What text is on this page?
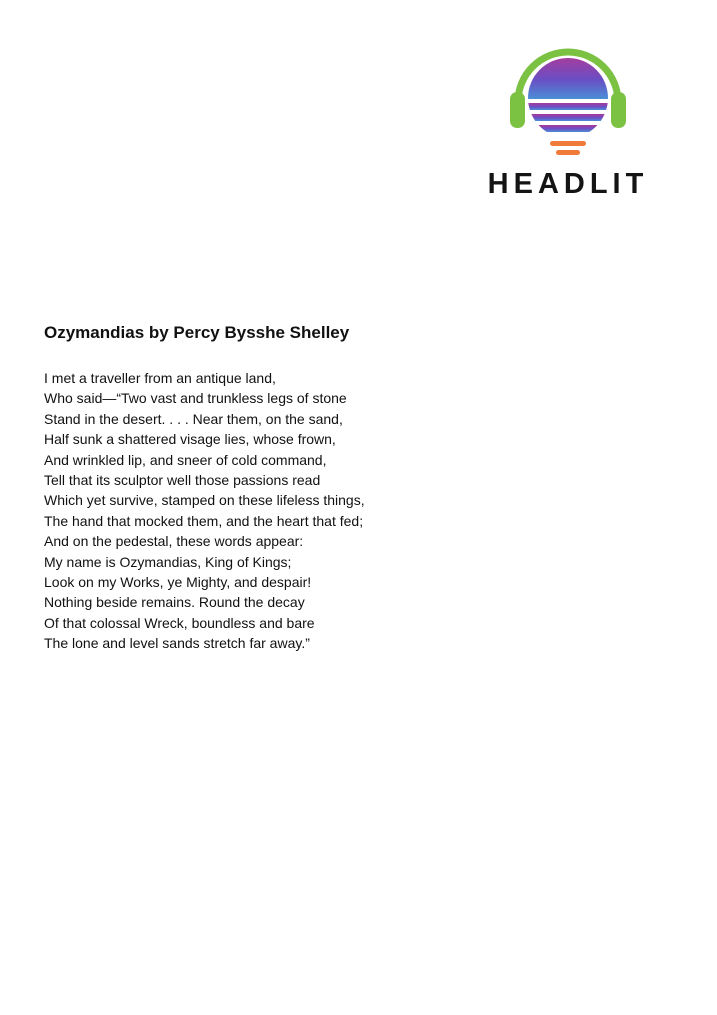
HEADLIT
Ozymandias by Percy Bysshe Shelley
I met a traveller from an antique land,
Who said—“Two vast and trunkless legs of stone
Stand in the desert. . . . Near them, on the sand,
Half sunk a shattered visage lies, whose frown,
And wrinkled lip, and sneer of cold command,
Tell that its sculptor well those passions read
Which yet survive, stamped on these lifeless things,
The hand that mocked them, and the heart that fed;
And on the pedestal, these words appear:
My name is Ozymandias, King of Kings;
Look on my Works, ye Mighty, and despair!
Nothing beside remains. Round the decay
Of that colossal Wreck, boundless and bare
The lone and level sands stretch far away.”
